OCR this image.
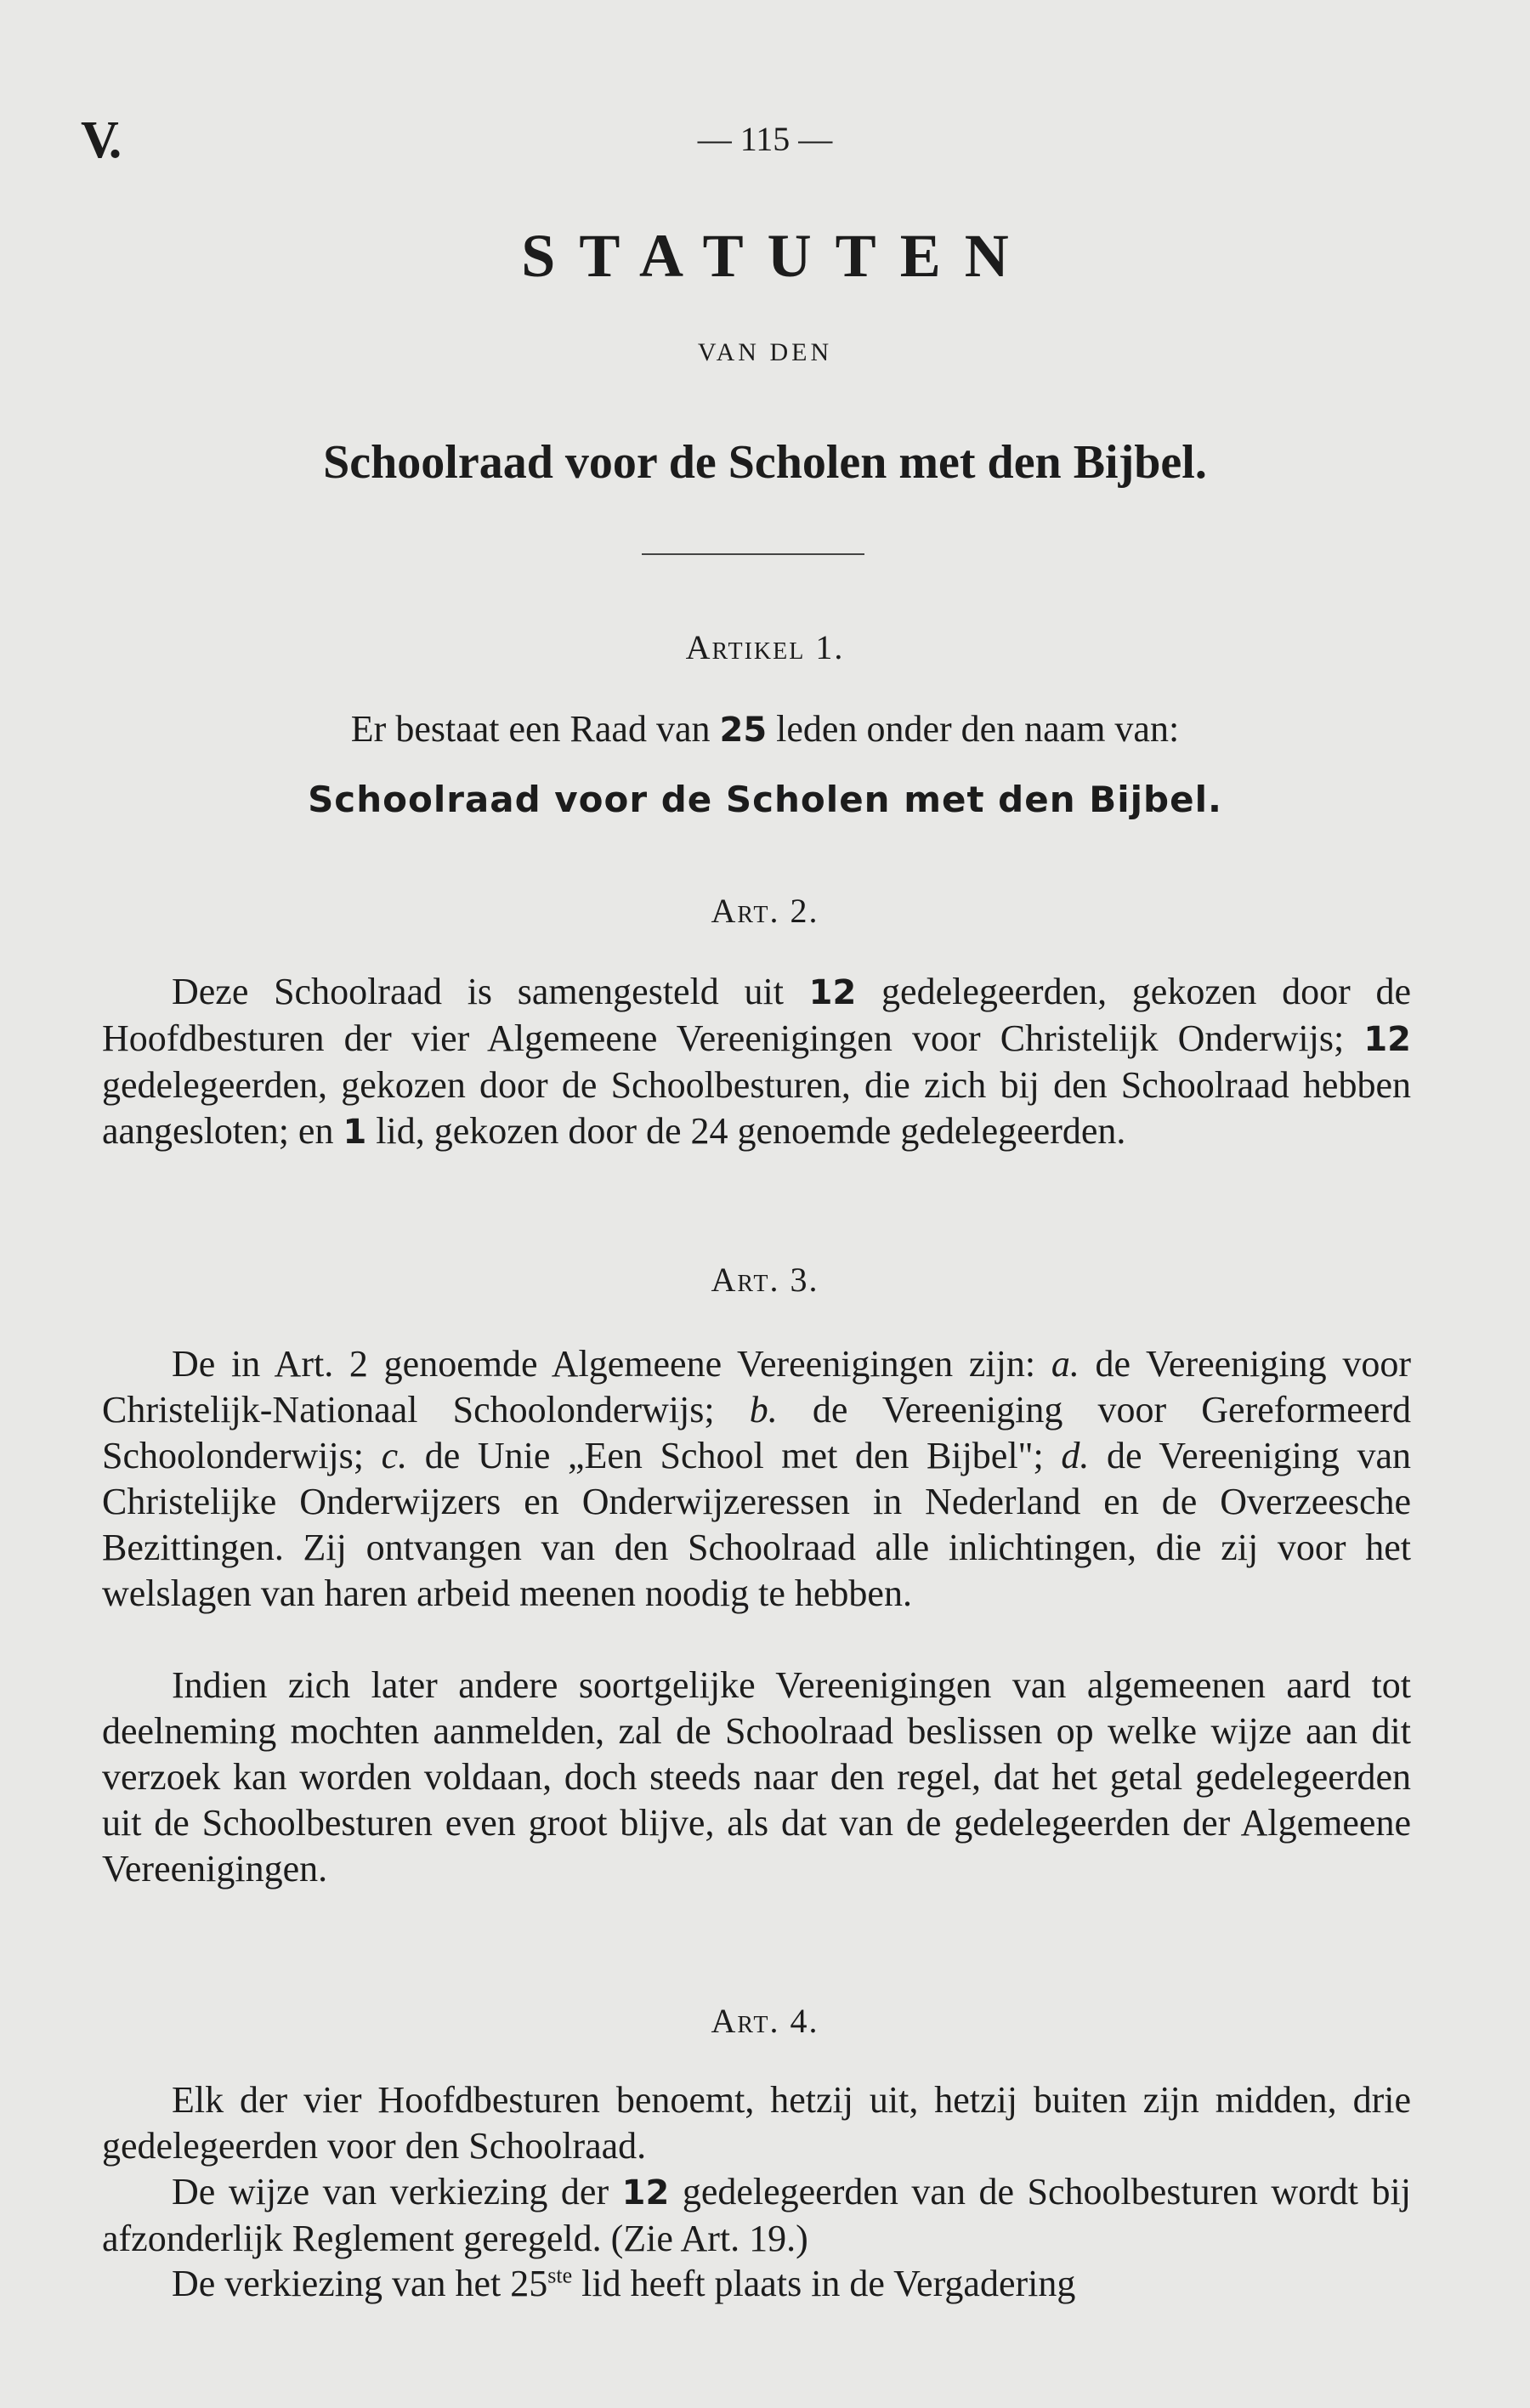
V.	— 115 —
STATUTEN
VAN DEN
Schoolraad voor de Scholen met den Bijbel.
Artikel 1.
Er bestaat een Raad van 25 leden onder den naam van:
Schoolraad voor de Scholen met den Bijbel.
Art. 2.

Deze Schoolraad is samengesteld uit 12 gedelegeerden, gekozen door de Hoofdbesturen der vier Algemeene Vereenigingen voor Christelijk Onderwijs; 12 gedelegeerden, gekozen door de Schoolbesturen, die zich bij den Schoolraad hebben aangesloten; en 1 lid, gekozen door de 24 genoemde gedelegeerden.

Art. 3.

De in Art. 2 genoemde Algemeene Vereenigingen zijn: a. de Vereeniging voor Christelijk-Nationaal Schoolonderwijs; b. de Vereeniging voor Gereformeerd Schoolonderwijs; c. de Unie „Een School met den Bijbel"; d. de Vereeniging van Christelijke Onderwijzers en Onderwijzeressen in Nederland en de Overzeesche Bezittingen. Zij ontvangen van den Schoolraad alle inlichtingen, die zij voor het welslagen van haren arbeid meenen noodig te hebben.

Indien zich later andere soortgelijke Vereenigingen van algemeenen aard tot deelneming mochten aanmelden, zal de Schoolraad beslissen op welke wijze aan dit verzoek kan worden voldaan, doch steeds naar den regel, dat het getal gedelegeerden uit de Schoolbesturen even groot blijve, als dat van de gedelegeerden der Algemeene Vereenigingen.

Art. 4.

Elk der vier Hoofdbesturen benoemt, hetzij uit, hetzij buiten zijn midden, drie gedelegeerden voor den Schoolraad.

De wijze van verkiezing der 12 gedelegeerden van de Schoolbesturen wordt bij afzonderlijk Reglement geregeld. (Zie Art. 19.)

De verkiezing van het 25ste lid heeft plaats in de Vergadering
